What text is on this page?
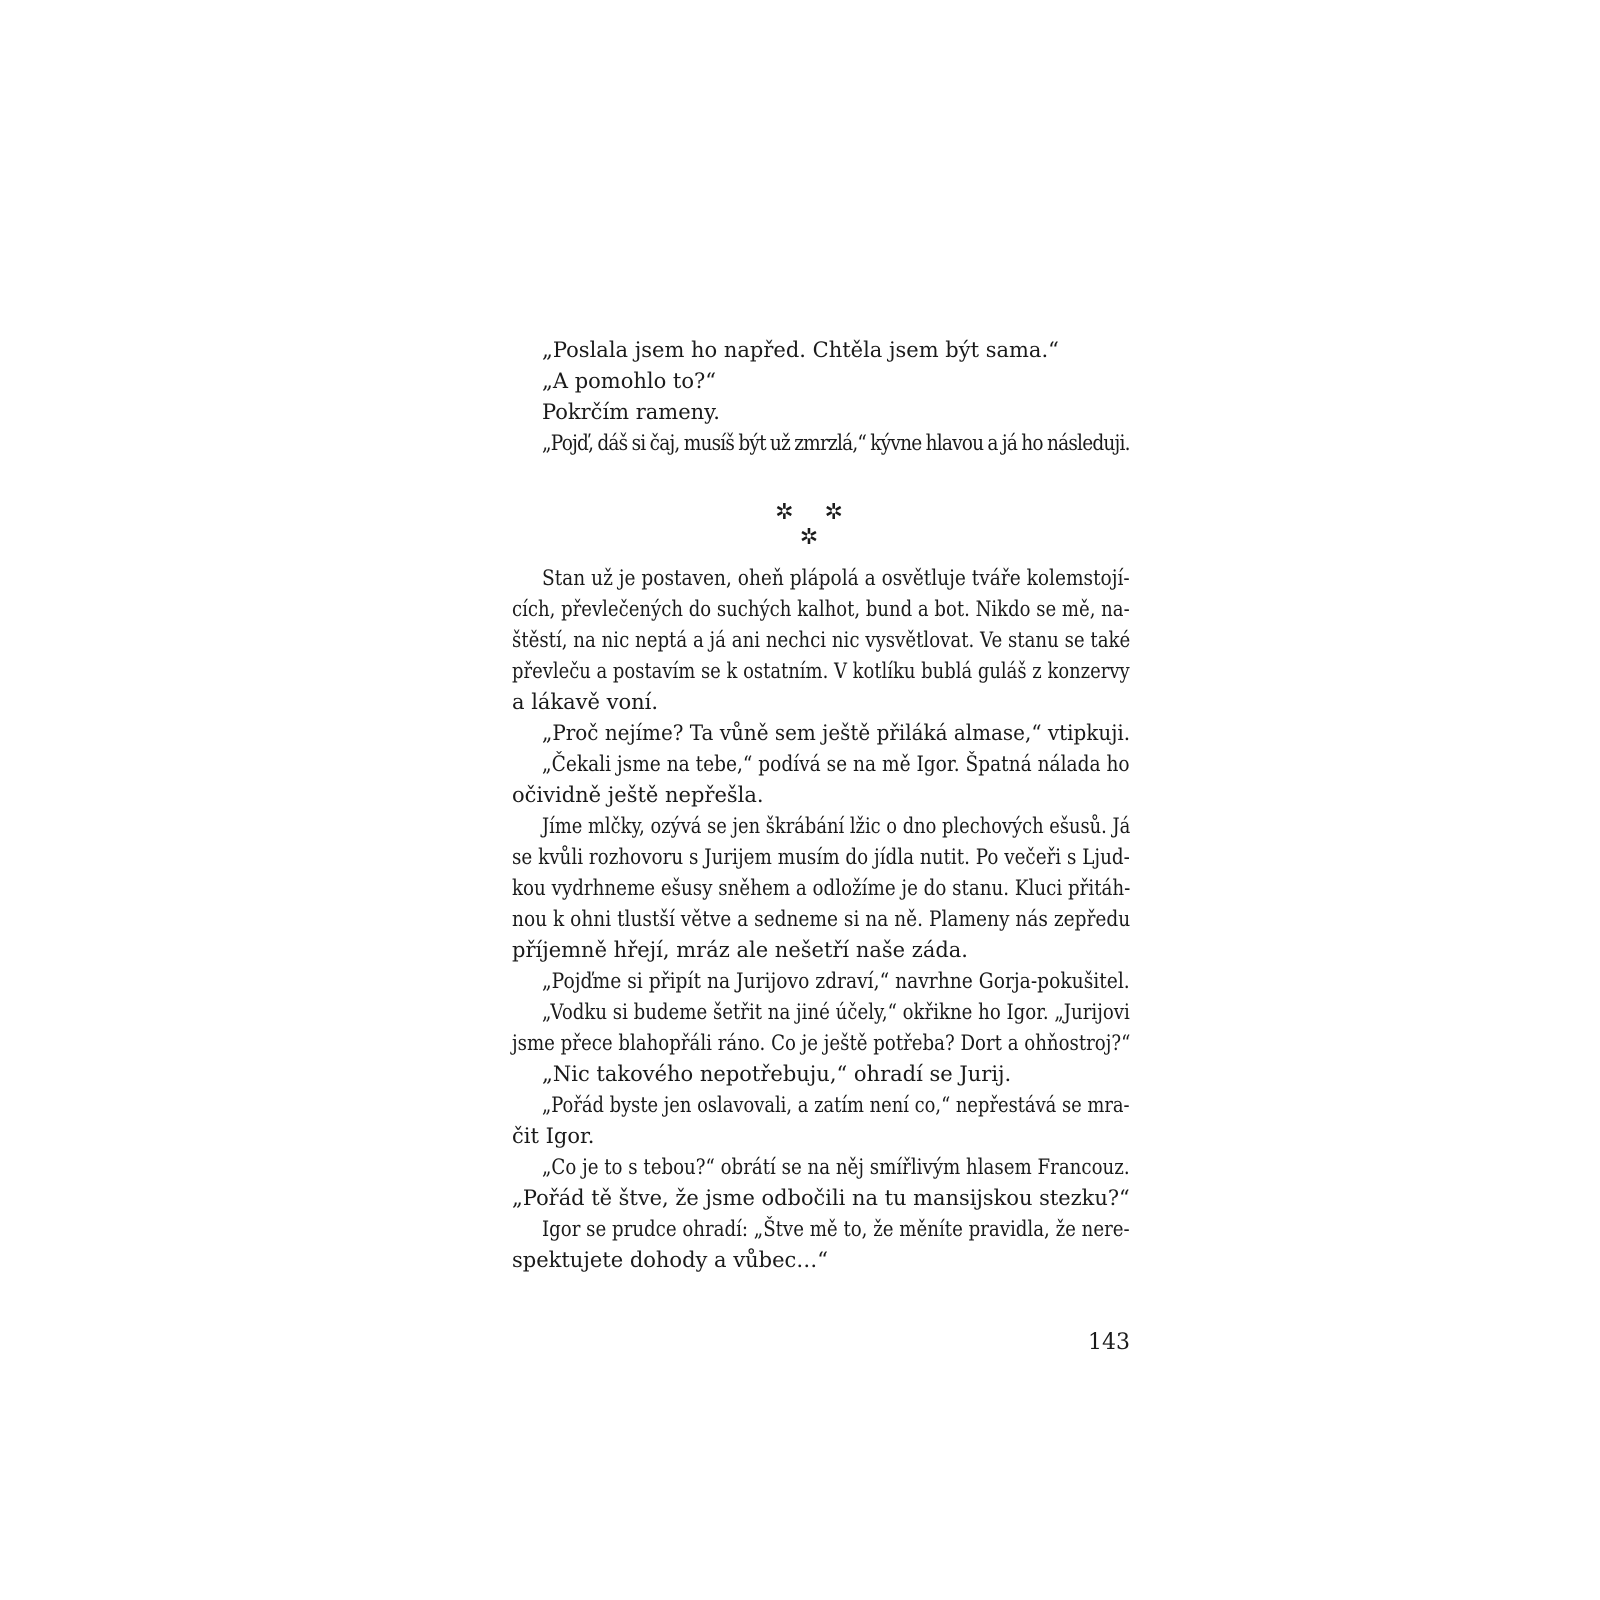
„Poslala jsem ho napřed. Chtěla jsem být sama.“
„A pomohlo to?“
Pokrčím rameny.
„Pojď, dáš si čaj, musíš být už zmrzlá,“ kývne hlavou a já ho následuji.
✲ ✲ ✲
Stan už je postaven, oheň plápolá a osvětluje tváře kolemstojí-
cích, převlečených do suchých kalhot, bund a bot. Nikdo se mě, na-
štěstí, na nic neptá a já ani nechci nic vysvětlovat. Ve stanu se také
převleču a postavím se k ostatním. V kotlíku bublá guláš z konzervy
a lákavě voní.
„Proč nejíme? Ta vůně sem ještě přiláká almase,“ vtipkuji.
„Čekali jsme na tebe,“ podívá se na mě Igor. Špatná nálada ho
očividně ještě nepřešla.
Jíme mlčky, ozývá se jen škrábání lžic o dno plechových ešusů. Já
se kvůli rozhovoru s Jurijem musím do jídla nutit. Po večeři s Ljud-
kou vydrhneme ešusy sněhem a odložíme je do stanu. Kluci přitáh-
nou k ohni tlustší větve a sedneme si na ně. Plameny nás zepředu
příjemně hřejí, mráz ale nešetří naše záda.
„Pojďme si připít na Jurijovo zdraví,“ navrhne Gorja-pokušitel.
„Vodku si budeme šetřit na jiné účely,“ okřikne ho Igor. „Jurijovi
jsme přece blahopřáli ráno. Co je ještě potřeba? Dort a ohňostroj?“
„Nic takového nepotřebuju,“ ohradí se Jurij.
„Pořád byste jen oslavovali, a zatím není co,“ nepřestává se mra-
čit Igor.
„Co je to s tebou?“ obrátí se na něj smířlivým hlasem Francouz.
„Pořád tě štve, že jsme odbočili na tu mansijskou stezku?“
Igor se prudce ohradí: „Štve mě to, že měníte pravidla, že nere-
spektujete dohody a vůbec…“
143
